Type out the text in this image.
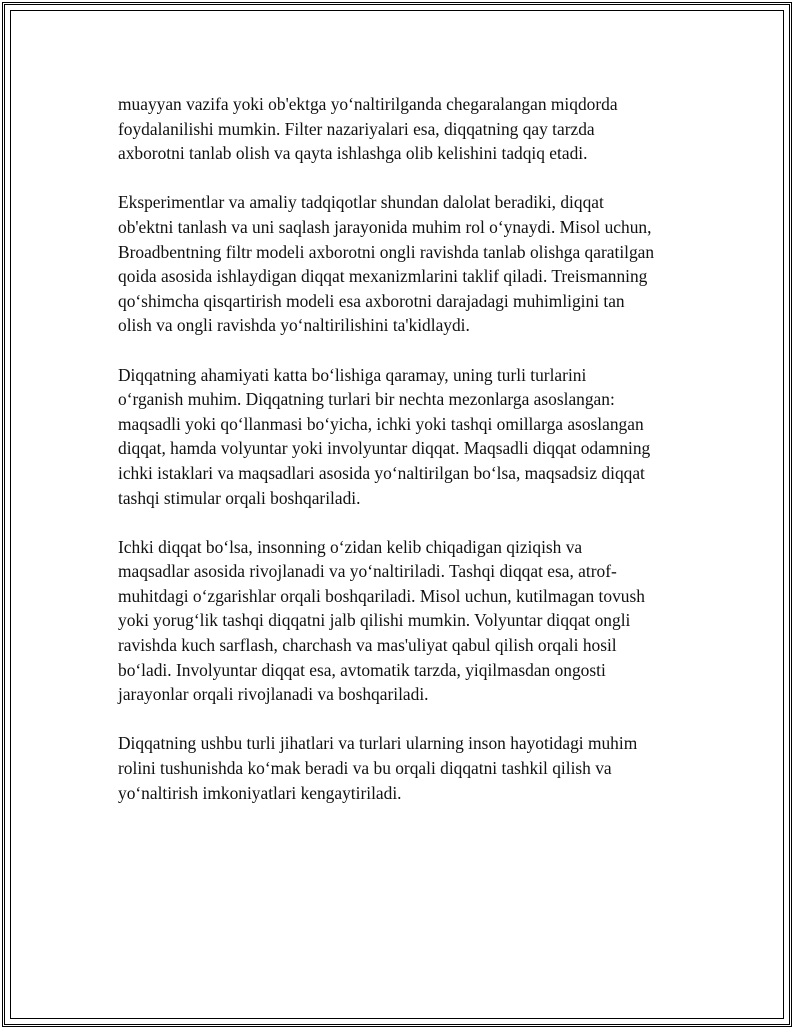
muayyan vazifa yoki ob'ektga yo‘naltirilganda chegaralangan miqdorda
foydalanilishi mumkin. Filter nazariyalari esa, diqqatning qay tarzda
axborotni tanlab olish va qayta ishlashga olib kelishini tadqiq etadi.

Eksperimentlar va amaliy tadqiqotlar shundan dalolat beradiki, diqqat
ob'ektni tanlash va uni saqlash jarayonida muhim rol o‘ynaydi. Misol uchun,
Broadbentning filtr modeli axborotni ongli ravishda tanlab olishga qaratilgan
qoida asosida ishlaydigan diqqat mexanizmlarini taklif qiladi. Treismanning
qo‘shimcha qisqartirish modeli esa axborotni darajadagi muhimligini tan
olish va ongli ravishda yo‘naltirilishini ta'kidlaydi.

Diqqatning ahamiyati katta bo‘lishiga qaramay, uning turli turlarini
o‘rganish muhim. Diqqatning turlari bir nechta mezonlarga asoslangan:
maqsadli yoki qo‘llanmasi bo‘yicha, ichki yoki tashqi omillarga asoslangan
diqqat, hamda volyuntar yoki involyuntar diqqat. Maqsadli diqqat odamning
ichki istaklari va maqsadlari asosida yo‘naltirilgan bo‘lsa, maqsadsiz diqqat
tashqi stimular orqali boshqariladi.

Ichki diqqat bo‘lsa, insonning o‘zidan kelib chiqadigan qiziqish va
maqsadlar asosida rivojlanadi va yo‘naltiriladi. Tashqi diqqat esa, atrof-
muhitdagi o‘zgarishlar orqali boshqariladi. Misol uchun, kutilmagan tovush
yoki yorug‘lik tashqi diqqatni jalb qilishi mumkin. Volyuntar diqqat ongli
ravishda kuch sarflash, charchash va mas'uliyat qabul qilish orqali hosil
bo‘ladi. Involyuntar diqqat esa, avtomatik tarzda, yiqilmasdan ongosti
jarayonlar orqali rivojlanadi va boshqariladi.

Diqqatning ushbu turli jihatlari va turlari ularning inson hayotidagi muhim
rolini tushunishda ko‘mak beradi va bu orqali diqqatni tashkil qilish va
yo‘naltirish imkoniyatlari kengaytiriladi.
